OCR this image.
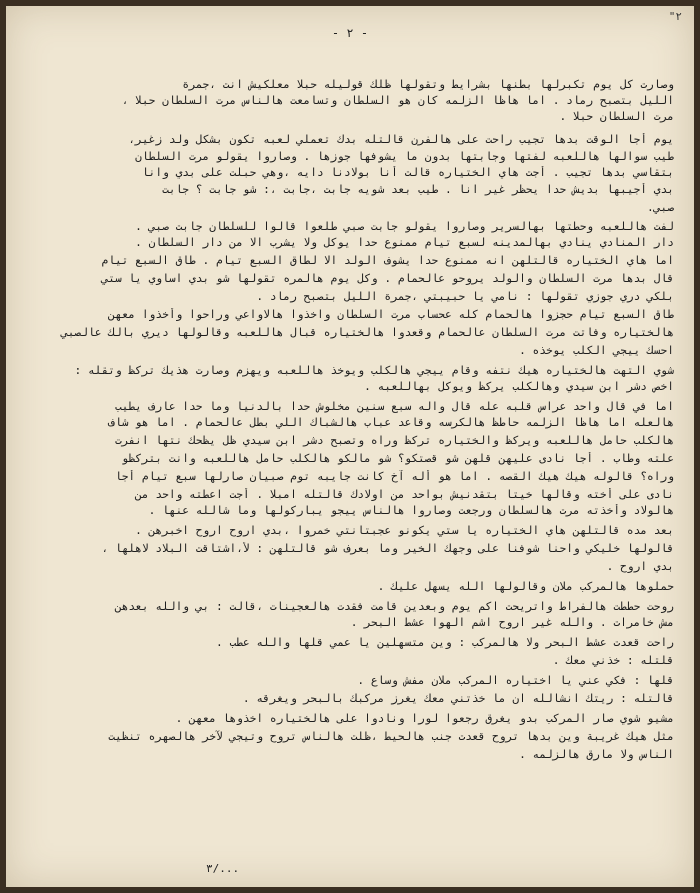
"٢
- ٢ -
وصارت كل يوم تكبرلها بطنها بشرايط وتقولها ظلك قوليله حبلا معلكيش انت ،جمرة
الليل بتصبح رماد . اما هاظا الزلمه كان هو السلطان وتسامعت هالناس مرت السلطان حبلا ،
مرت السلطان حبلا .
يوم أجا الوقت بدها تجيب راحت على هالفرن قالتله بدك تعملي لعبه تكون بشكل ولد زغير،
طيب سوالها هاللعبه لفتها وجابتها بدون ما يشوفها جوزها . وصاروا يقولو مرت السلطان
بتقاسي بدها تجيب . أجت هاي الختياره قالت أنا بولادنا دايه ،وهي حبلت على بدي وانا
بدي أجيبها بديش حدا يحظر غير انا . طيب بعد شويه جابت ،جابت ،: شو جابت ؟ جابت
صبي.
لفت هاللعبه وحطتها بهالسرير وصاروا يقولو جابت صبي طلعوا قالوا للسلطان جابت صبي .
دار المنادي ينادي بهالمدينه لسبع تيام ممنوع حدا يوكل ولا يشرب الا من دار السلطان .
اما هاي الختياره قالتلهن انه ممنوع حدا يشوف الولد الا لطاق السبع تيام . طاق السبع تيام
قال بدها مرت السلطان والولد يروحو عالحمام . وكل يوم هالمره تقولها شو بدي اساوي يا ستي
بلكي دري جوزي تقولها : نامي يا حبيبتي ،جمرة الليل بتصبح رماد .
طاق السبع تيام حجزوا هالحمام كله عحساب مرت السلطان واخذوا هالاواعي وراحوا وأخذوا معهن
هالختياره وفاتت مرت السلطان عالحمام وقعدوا هالختياره قبال هاللعبه وقالولها ديري بالك عالصبي
احسك ييجي الكلب يوخذه .
شوي التهت هالختياره هيك نتفه وقام ييجي هالكلب ويوخذ هاللعبه ويهزم وصارت هذيك تركظ وتقله :
اخص دشر ابن سيدي وهالكلب يركظ ويوكل بهاللعبه .
اما في قال واحد عراس قلبه عله قال واله سبع سنين مخلوش حدا بالدنيا وما حدا عارف يطيب
هالعله اما هاظا الزلمه حاطظ هالكرسه وقاعد عباب هالشباك اللي بطل عالحمام . اما هو شاف
هالكلب حامل هاللعبه ويركظ والختياره تركظ وراه وتصبح دشر ابن سيدي ظل يظحك نتها انفرت
علته وطاب . أجا نادى عليهن قلهن شو قصتكو؟ شو مالكو هالكلب حامل هاللعبه وانت بتركظو
وراه؟ قالوله هيك هيك القصه . اما هو أله آخ كانت جايبه توم صبيان صارلها سبع تيام أجا
نادى على أخته وقالها خيتا بتقدنيش بواحد من اولادك قالتله امبلا . أجت اعطته واحد من
هالولاد وأخذته مرت هالسلطان ورجعت وصاروا هالناس ييجو يباركولها وما شالله عنها .
بعد مده قالتلهن هاي الختياره يا ستي يكونو عجبتانتي خمروا ،بدي اروح اروح اخبرهن .
قالولها خليكي واحنا شوفنا على وجهك الخير وما بعرف شو قالتلهن : لأ،اشتاقت البلاد لاهلها ،
بدي اروح .
حملوها هالمركب ملان وقالولها الله يسهل عليك .
روحت حططت هالفراط واتريحت اكم يوم وبعدين قامت فقدت هالعجينات ،قالت : بي والله بعدهن
مش خامرات . والله غير اروح اشم الهوا عشط البحر .
راحت قعدت عشط البحر ولا هالمركب : وين متسهلين يا عمي قلها والله عطب .
قلتله : خذني معك .
قلها : فكي عني يا اختياره المركب ملان مفش وساع .
قالتله : ريتك انشالله ان ما خذتني معك يغرز مركبك بالبحر ويغرقه .
مشيو شوي صار المركب بدو يغرق رجعوا لورا ونادوا على هالختياره اخذوها معهن .
مثل هيك غريبة وين بدها تروح قعدت جنب هالحيط ،ظلت هالناس تروح وتيجي لآخر هالصهره تنظيت
الناس ولا مارق هالزلمه .
٣/...
